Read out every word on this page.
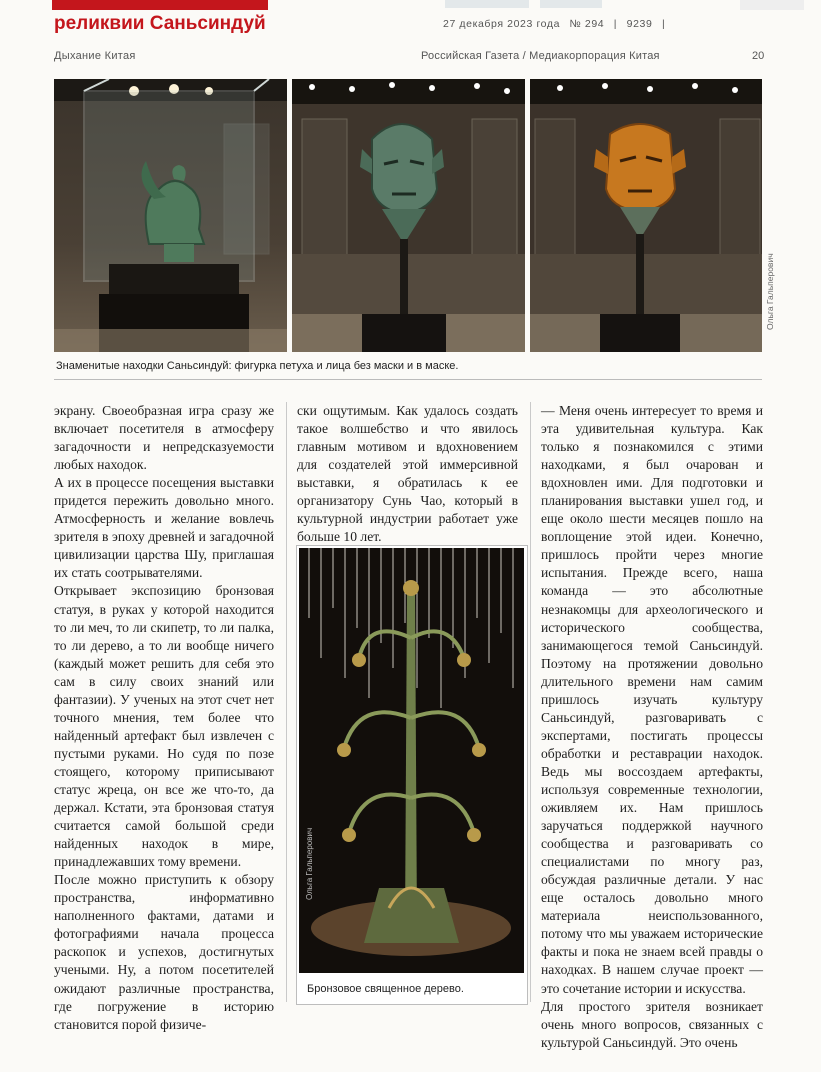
реликвии Саньсиндуй	27 декабря 2023 года № 294 | 9239 |
Дыхание Китая	Российская Газета / Медиакорпорация Китая	20
Ольга Гальперович
Знаменитые находки Саньсиндуй: фигурка петуха и лица без маски и в маске.

экрану. Своеобразная игра сразу же включает посетителя в атмосферу загадочности и непредсказуемости любых находок.

А их в процессе посещения выставки придется пережить довольно много. Атмосферность и желание вовлечь зрителя в эпоху древней и загадочной цивилизации царства Шу, приглашая их стать соотрывателями.

Открывает экспозицию бронзовая статуя, в руках у которой находится то ли меч, то ли скипетр, то ли палка, то ли дерево, а то ли вообще ничего (каждый может решить для себя это сам в силу своих знаний или фантазии). У ученых на этот счет нет точного мнения, тем более что найденный артефакт был извлечен с пустыми руками. Но судя по позе стоящего, которому приписывают статус жреца, он все же что-то, да держал. Кстати, эта бронзовая статуя считается самой большой среди найденных находок в мире, принадлежавших тому времени.

После можно приступить к обзору пространства, информативно наполненного фактами, датами и фотографиями начала процесса раскопок и успехов, достигнутых учеными. Ну, а потом посетителей ожидают различные пространства, где погружение в историю становится порой физиче-

ски ощутимым. Как удалось создать такое волшебство и что явилось главным мотивом и вдохновением для создателей этой иммерсивной выставки, я обратилась к ее организатору Сунь Чао, который в культурной индустрии работает уже больше 10 лет.

— Меня очень интересует то время и эта удивительная культура. Как только я познакомился с этими находками, я был очарован и вдохновлен ими. Для подготовки и планирования выставки ушел год, и еще около шести месяцев пошло на воплощение этой идеи. Конечно, пришлось пройти через многие испытания. Прежде всего, наша команда — это абсолютные незнакомцы для археологического и исторического сообщества, занимающегося темой Саньсиндуй. Поэтому на протяжении довольно длительного времени нам самим пришлось изучать культуру Саньсиндуй, разговаривать с экспертами, постигать процессы обработки и реставрации находок. Ведь мы воссоздаем артефакты, используя современные технологии, оживляем их. Нам пришлось заручаться поддержкой научного сообщества и разговаривать со специалистами по многу раз, обсуждая различные детали. У нас еще осталось довольно много материала неиспользованного, потому что мы уважаем исторические факты и пока не знаем всей правды о находках. В нашем случае проект — это сочетание истории и искусства.

Для простого зрителя возникает очень много вопросов, связанных с культурой Саньсиндуй. Это очень

Бронзовое священное дерево.
Ольга Гальперович
